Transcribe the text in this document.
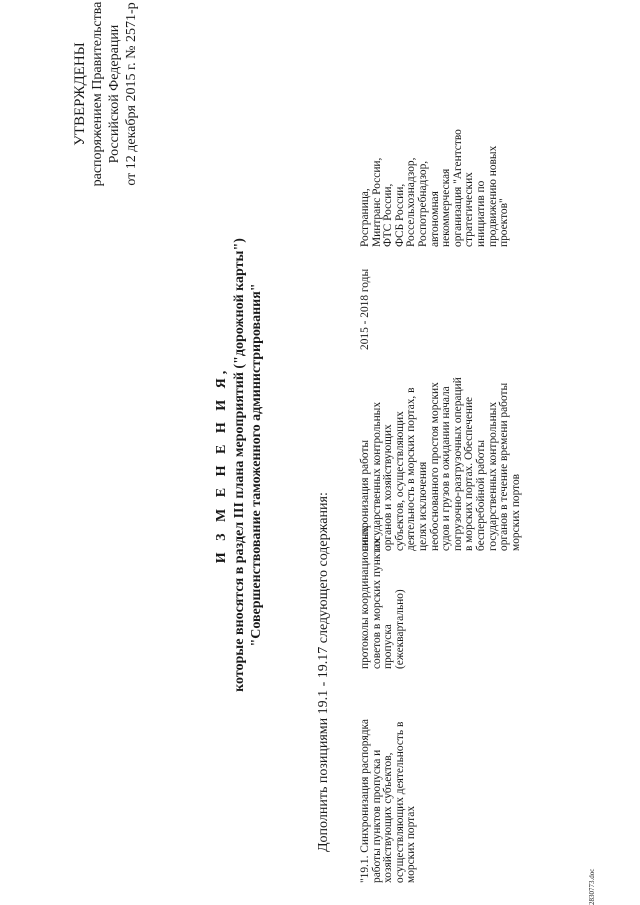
УТВЕРЖДЕНЫ распоряжением Правительства Российской Федерации от 12 декабря 2015 г. № 2571-р
И З М Е Н Е Н И Я, которые вносятся в раздел III плана мероприятий ("дорожной карты") "Совершенствование таможенного администрирования"
Дополнить позициями 19.1 - 19.17 следующего содержания: "19.1. Синхронизация распорядка работы пунктов пропуска и хозяйствующих субъектов, осуществляющих деятельность в морских портах
протоколы координационных советов в морских пунктах пропуска (ежеквартально)
синхронизация работы государственных контрольных органов и хозяйствующих субъектов, осуществляющих деятельность в морских портах, в целях исключения необоснованного простоя морских судов и грузов в ожидании начала погрузочно-разгрузочных операций в морских портах. Обеспечение бесперебойной работы государственных контрольных органов в течение времени работы морских портов
2015 - 2018 годы
Росграница, Минтранс России, ФТС России, ФСБ России, Россельхознадзор, Роспотребнадзор, автономная некоммерческая организация "Агентство стратегических инициатив по продвижению новых проектов"
2830773.doc
